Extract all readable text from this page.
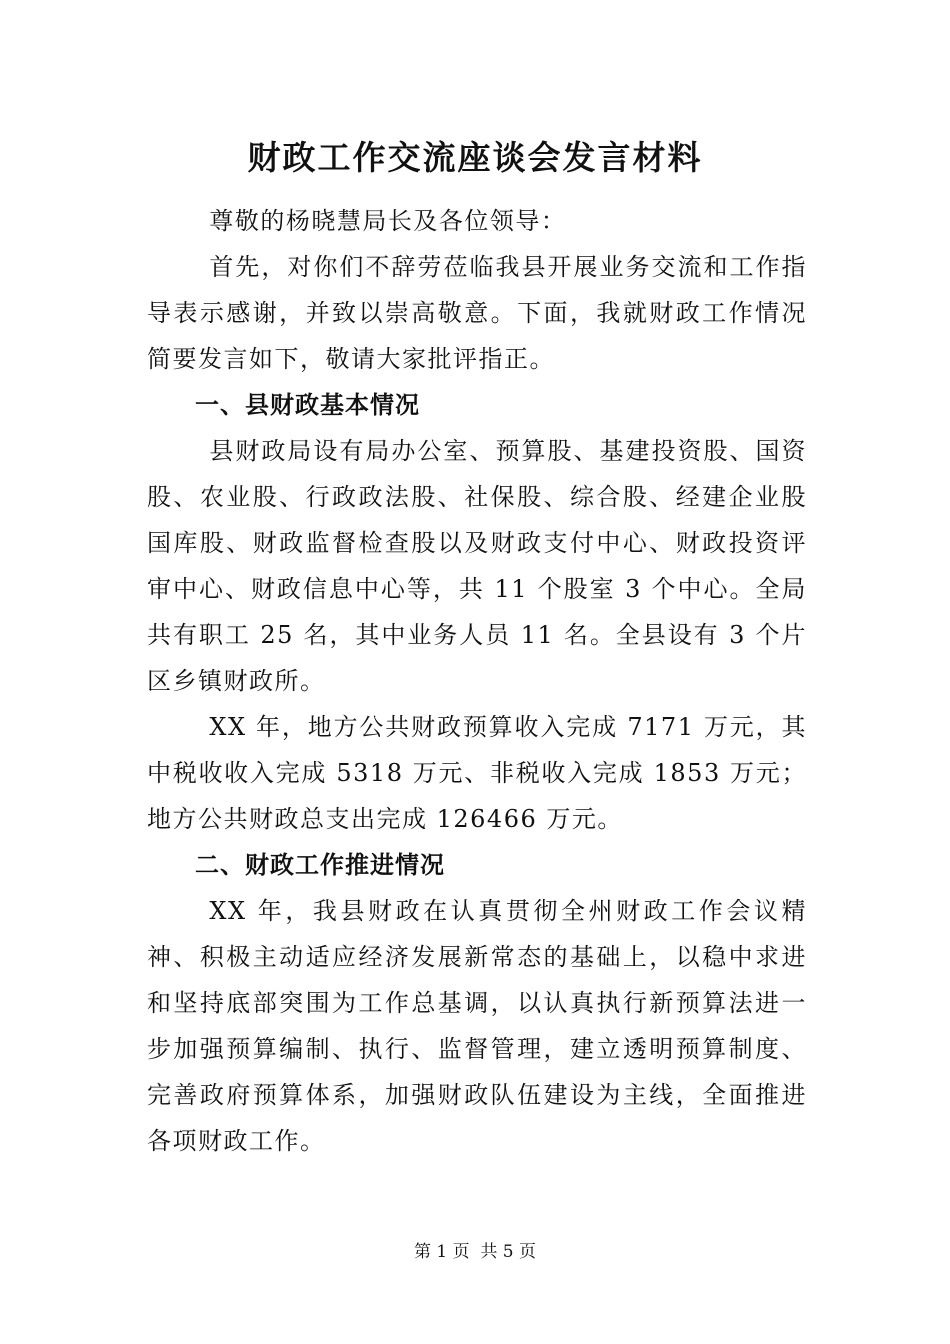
财政工作交流座谈会发言材料

尊敬的杨晓慧局长及各位领导：

首先，对你们不辞劳莅临我县开展业务交流和工作指导表示感谢，并致以崇高敬意。下面，我就财政工作情况简要发言如下，敬请大家批评指正。

一、县财政基本情况

县财政局设有局办公室、预算股、基建投资股、国资股、农业股、行政政法股、社保股、综合股、经建企业股国库股、财政监督检查股以及财政支付中心、财政投资评审中心、财政信息中心等，共 11 个股室 3 个中心。全局共有职工 25 名，其中业务人员 11 名。全县设有 3 个片区乡镇财政所。

XX 年，地方公共财政预算收入完成 7171 万元，其中税收收入完成 5318 万元、非税收入完成 1853 万元；地方公共财政总支出完成 126466 万元。

二、财政工作推进情况

XX 年，我县财政在认真贯彻全州财政工作会议精神、积极主动适应经济发展新常态的基础上，以稳中求进和坚持底部突围为工作总基调，以认真执行新预算法进一步加强预算编制、执行、监督管理，建立透明预算制度、完善政府预算体系，加强财政队伍建设为主线，全面推进各项财政工作。

第 1 页  共 5 页
